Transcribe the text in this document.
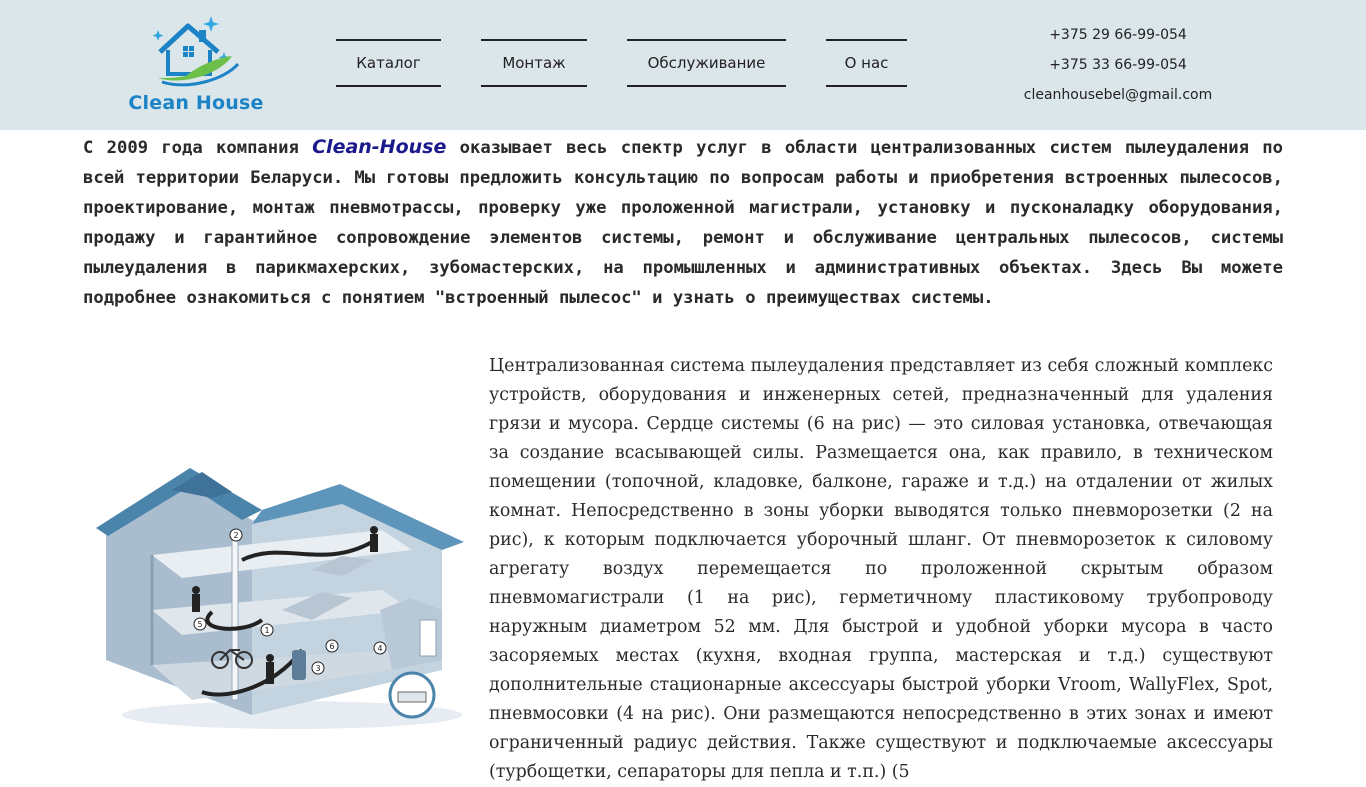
Clean House
Каталог	Монтаж	Обслуживание	О нас
+375 29 66-99-054
+375 33 66-99-054
cleanhousebel@gmail.com

С 2009 года компания Clean-House оказывает весь спектр услуг в области централизованных систем пылеудаления по всей территории Беларуси. Мы готовы предложить консультацию по вопросам работы и приобретения встроенных пылесосов, проектирование, монтаж пневмотрассы, проверку уже проложенной магистрали, установку и пусконаладку оборудования, продажу и гарантийное сопровождение элементов системы, ремонт и обслуживание центральных пылесосов, системы пылеудаления в парикмахерских, зубомастерских, на промышленных и административных объектах. Здесь Вы можете подробнее ознакомиться с понятием "встроенный пылесос" и узнать о преимуществах системы.

1
2
3
4
5
6

Централизованная система пылеудаления представляет из себя сложный комплекс устройств, оборудования и инженерных сетей, предназначенный для удаления грязи и мусора. Сердце системы (6 на рис) — это силовая установка, отвечающая за создание всасывающей силы. Размещается она, как правило, в техническом помещении (топочной, кладовке, балконе, гараже и т.д.) на отдалении от жилых комнат. Непосредственно в зоны уборки выводятся только пневморозетки (2 на рис), к которым подключается уборочный шланг. От пневморозеток к силовому агрегату воздух перемещается по проложенной скрытым образом пневмомагистрали (1 на рис), герметичному пластиковому трубопроводу наружным диаметром 52 мм. Для быстрой и удобной уборки мусора в часто засоряемых местах (кухня, входная группа, мастерская и т.д.) существуют дополнительные стационарные аксессуары быстрой уборки Vroom, WallyFlex, Spot, пневмосовки (4 на рис). Они размещаются непосредственно в этих зонах и имеют ограниченный радиус действия. Также существуют и подключаемые аксессуары (турбощетки, сепараторы для пепла и т.п.) (5
